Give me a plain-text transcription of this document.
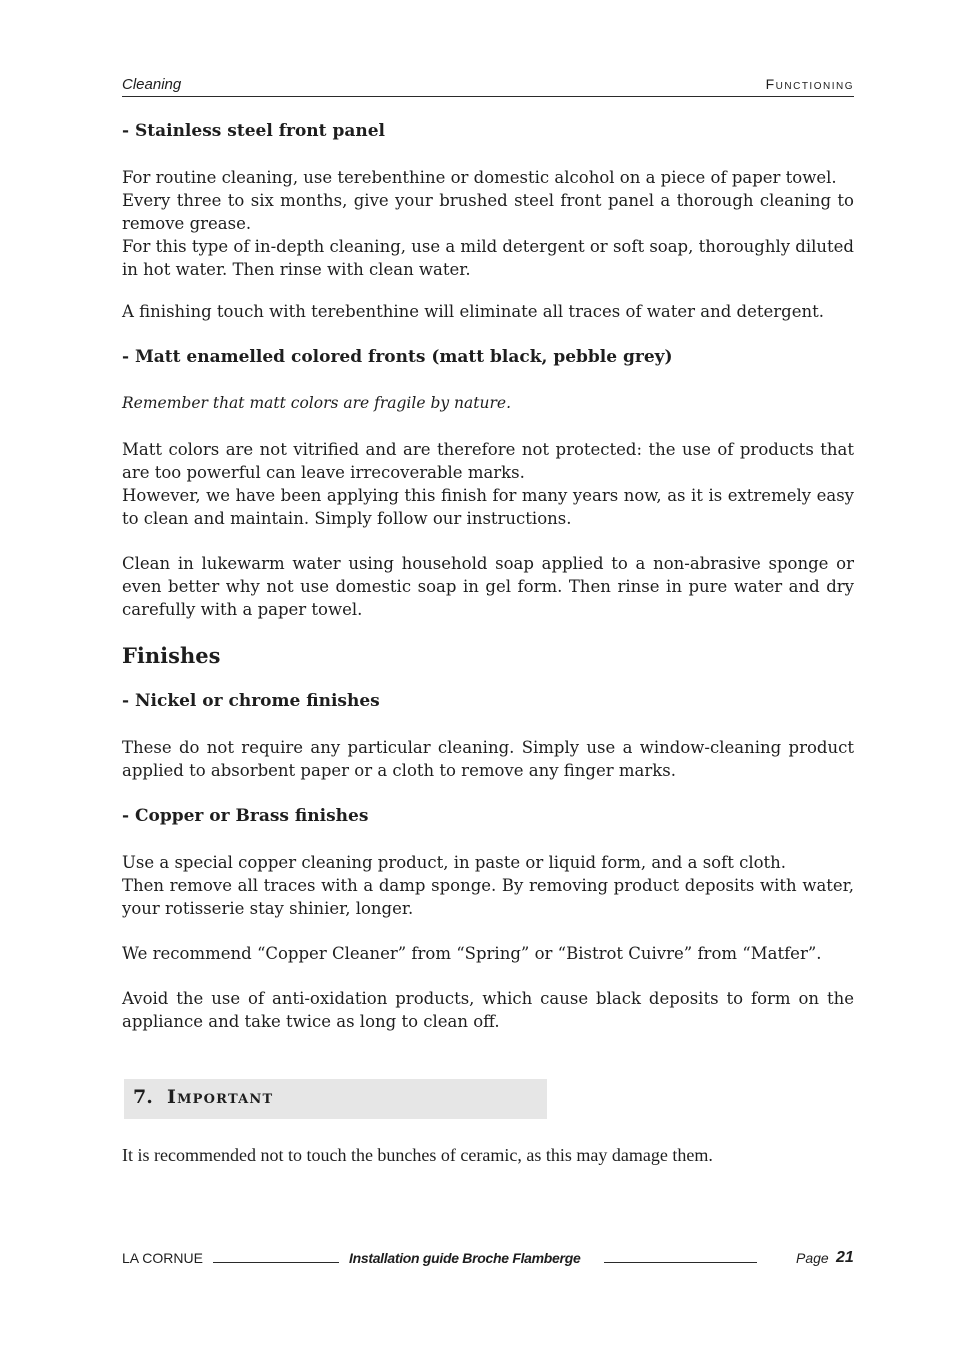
Cleaning	Functioning

- Stainless steel front panel

For routine cleaning, use terebenthine or domestic alcohol on a piece of paper towel.

Every three to six months, give your brushed steel front panel a thorough cleaning to remove grease.

For this type of in-depth cleaning, use a mild detergent or soft soap, thoroughly diluted in hot water. Then rinse with clean water.

A finishing touch with terebenthine will eliminate all traces of water and detergent.

- Matt enamelled colored fronts (matt black, pebble grey)

Remember that matt colors are fragile by nature.

Matt colors are not vitrified and are therefore not protected: the use of products that are too powerful can leave irrecoverable marks.

However, we have been applying this finish for many years now, as it is extremely easy to clean and maintain. Simply follow our instructions.

Clean in lukewarm water using household soap applied to a non-abrasive sponge or even better why not use domestic soap in gel form. Then rinse in pure water and dry carefully with a paper towel.

Finishes

- Nickel or chrome finishes

These do not require any particular cleaning. Simply use a window-cleaning product applied to absorbent paper or a cloth to remove any finger marks.

- Copper or Brass finishes

Use a special copper cleaning product, in paste or liquid form, and a soft cloth.

Then remove all traces with a damp sponge. By removing product deposits with water, your rotisserie stay shinier, longer.

We recommend “Copper Cleaner” from “Spring” or “Bistrot Cuivre” from “Matfer”.

Avoid the use of anti-oxidation products, which cause black deposits to form on the appliance and take twice as long to clean off.

7. Important
It is recommended not to touch the bunches of ceramic, as this may damage them.
LA CORNUE	Installation guide Broche Flamberge	Page 21
